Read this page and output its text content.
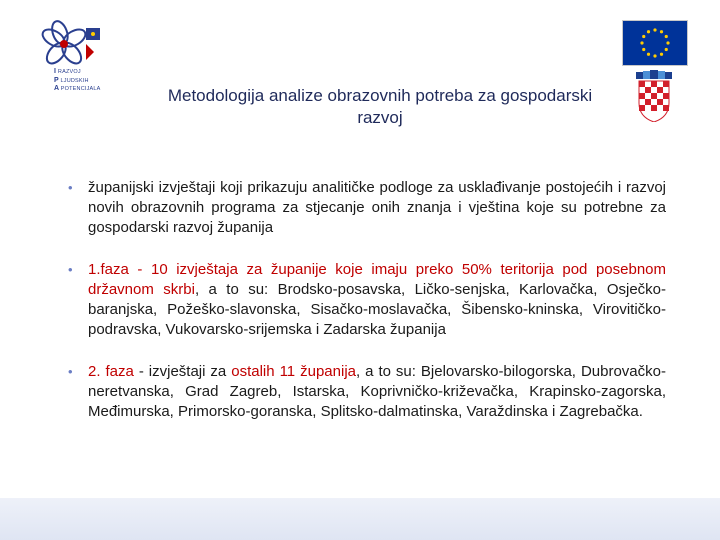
I RAZVOJ
P LJUDSKIH
A POTENCIJALA	Metodologija analize obrazovnih potreba za gospodarski
razvoj
• županijski izvještaji koji prikazuju analitičke podloge za usklađivanje postojećih i razvoj novih obrazovnih programa za stjecanje onih znanja i vještina koje su potrebne za gospodarski razvoj županija
• 1.faza - 10 izvještaja za županije koje imaju preko 50% teritorija pod posebnom državnom skrbi, a to su: Brodsko-posavska, Ličko-senjska, Karlovačka, Osječko-baranjska, Požeško-slavonska, Sisačko-moslavačka, Šibensko-kninska, Virovitičko-podravska, Vukovarsko-srijemska i Zadarska županija
• 2. faza - izvještaji za ostalih 11 županija, a to su: Bjelovarsko-bilogorska, Dubrovačko-neretvanska, Grad Zagreb, Istarska, Koprivničko-križevačka, Krapinsko-zagorska, Međimurska, Primorsko-goranska, Splitsko-dalmatinska, Varaždinska i Zagrebačka.
